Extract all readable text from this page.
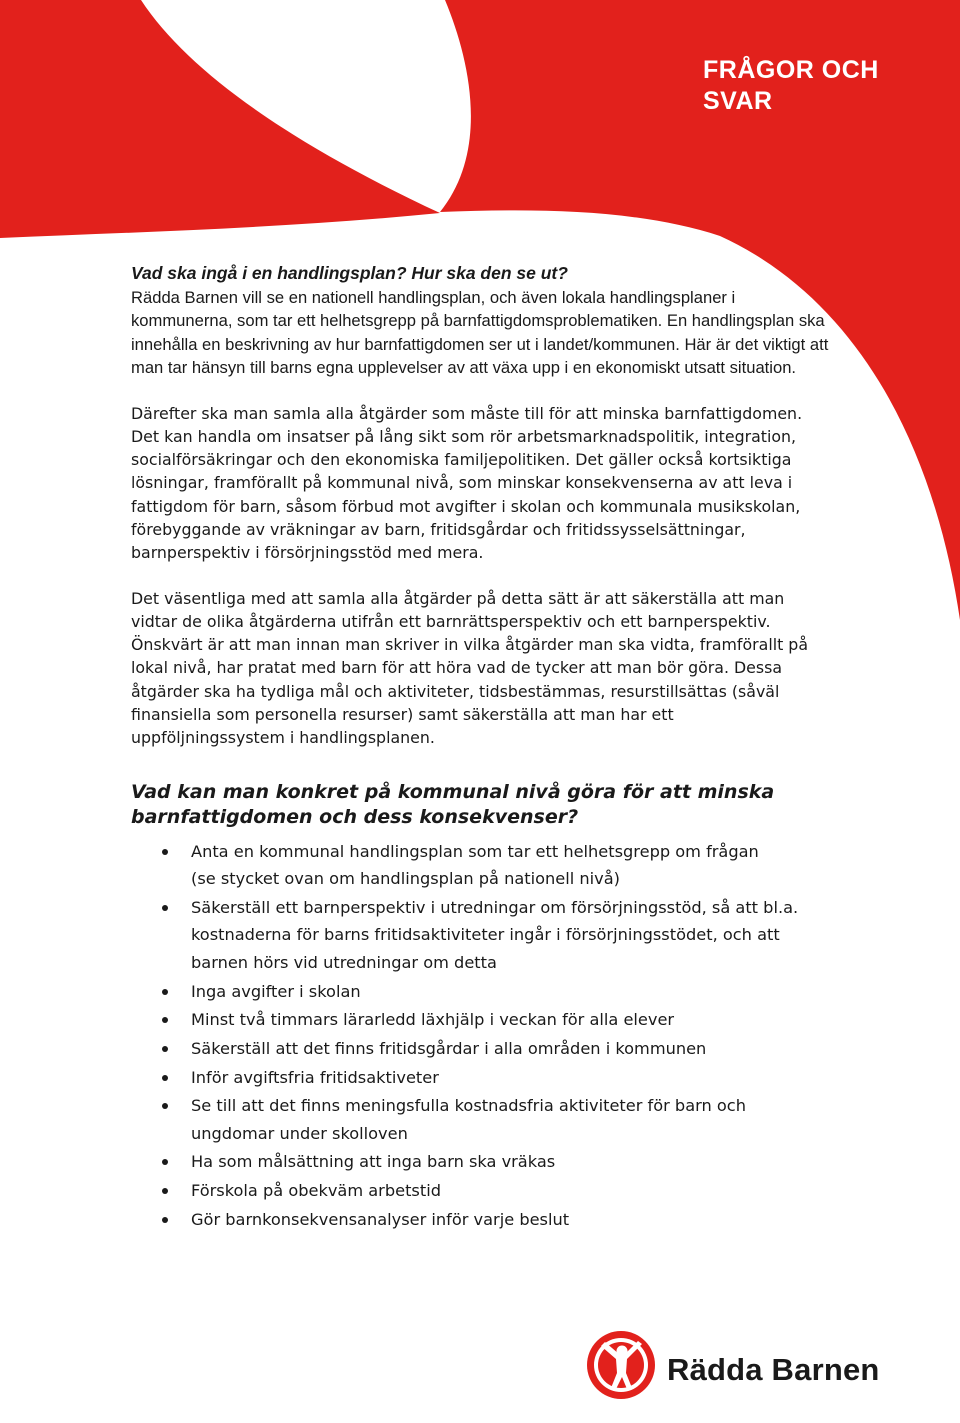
FRÅGOR OCH
SVAR
Vad ska ingå i en handlingsplan? Hur ska den se ut?

Rädda Barnen vill se en nationell handlingsplan, och även lokala handlingsplaner i kommunerna, som tar ett helhetsgrepp på barnfattigdomsproblematiken. En handlingsplan ska innehålla en beskrivning av hur barnfattigdomen ser ut i landet/kommunen. Här är det viktigt att man tar hänsyn till barns egna upplevelser av att växa upp i en ekonomiskt utsatt situation.

Därefter ska man samla alla åtgärder som måste till för att minska barnfattigdomen. Det kan handla om insatser på lång sikt som rör arbetsmarknadspolitik, integration, socialförsäkringar och den ekonomiska familjepolitiken. Det gäller också kortsiktiga lösningar, framförallt på kommunal nivå, som minskar konsekvenserna av att leva i fattigdom för barn, såsom förbud mot avgifter i skolan och kommunala musikskolan, förebyggande av vräkningar av barn, fritidsgårdar och fritidssysselsättningar, barnperspektiv i försörjningsstöd med mera.

Det väsentliga med att samla alla åtgärder på detta sätt är att säkerställa att man vidtar de olika åtgärderna utifrån ett barnrättsperspektiv och ett barnperspektiv. Önskvärt är att man innan man skriver in vilka åtgärder man ska vidta, framförallt på lokal nivå, har pratat med barn för att höra vad de tycker att man bör göra. Dessa åtgärder ska ha tydliga mål och aktiviteter, tidsbestämmas, resurstillsättas (såväl finansiella som personella resurser) samt säkerställa att man har ett uppföljningssystem i handlingsplanen.

Vad kan man konkret på kommunal nivå göra för att minska
barnfattigdomen och dess konsekvenser?
Anta en kommunal handlingsplan som tar ett helhetsgrepp om frågan
(se stycket ovan om handlingsplan på nationell nivå)
Säkerställ ett barnperspektiv i utredningar om försörjningsstöd, så att bl.a.
kostnaderna för barns fritidsaktiviteter ingår i försörjningsstödet, och att
barnen hörs vid utredningar om detta
Inga avgifter i skolan
Minst två timmars lärarledd läxhjälp i veckan för alla elever
Säkerställ att det finns fritidsgårdar i alla områden i kommunen
Inför avgiftsfria fritidsaktiveter
Se till att det finns meningsfulla kostnadsfria aktiviteter för barn och
ungdomar under skolloven
Ha som målsättning att inga barn ska vräkas
Förskola på obekväm arbetstid
Gör barnkonsekvensanalyser inför varje beslut
Rädda Barnen
